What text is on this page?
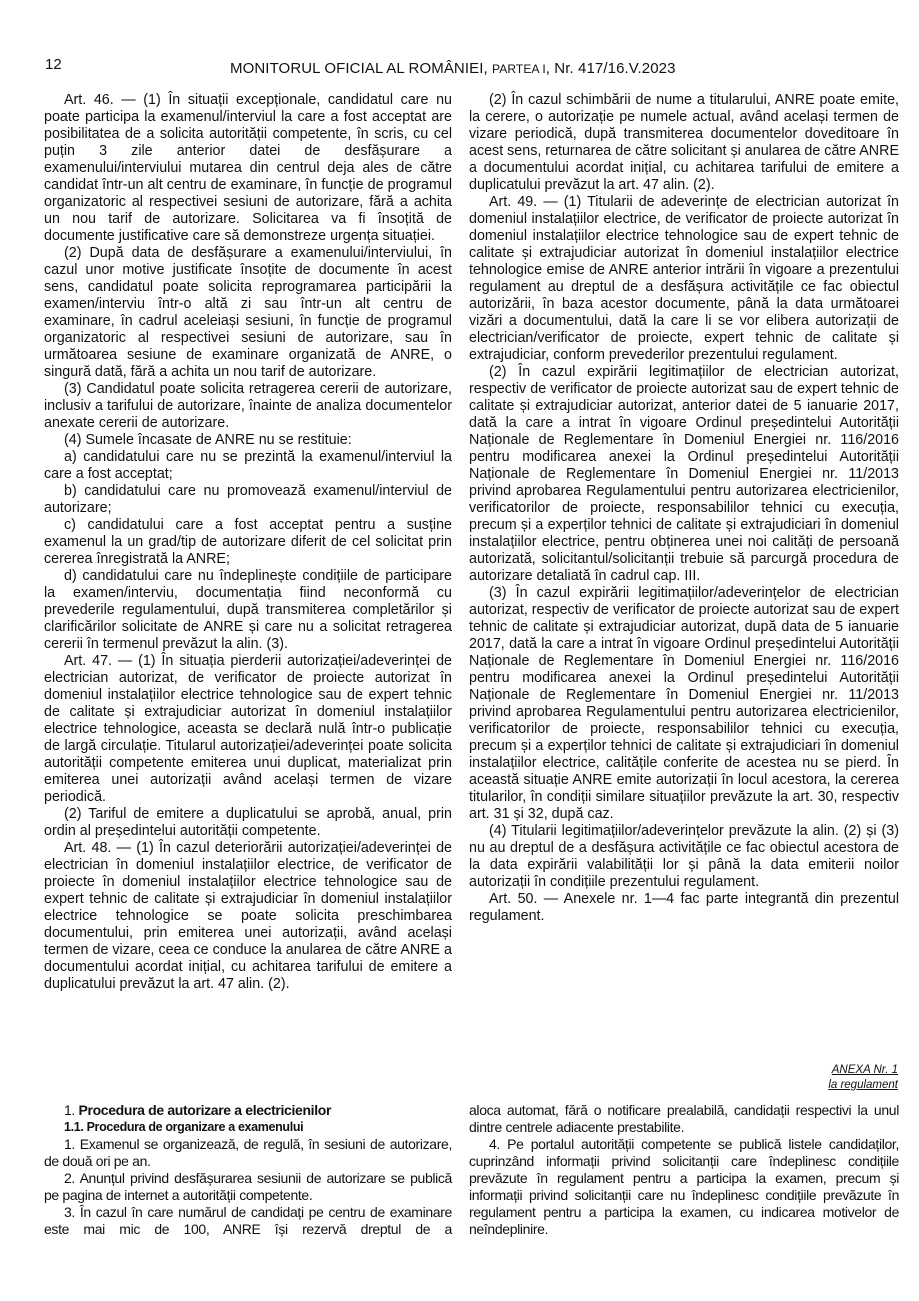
12	MONITORUL OFICIAL AL ROMÂNIEI, PARTEA I, Nr. 417/16.V.2023

Art. 46. — (1) În situații excepționale, candidatul care nu poate participa la examenul/interviul la care a fost acceptat are posibilitatea de a solicita autorității competente, în scris, cu cel puțin 3 zile anterior datei de desfășurare a examenului/interviului mutarea din centrul deja ales de către candidat într-un alt centru de examinare, în funcție de programul organizatoric al respectivei sesiuni de autorizare, fără a achita un nou tarif de autorizare. Solicitarea va fi însoțită de documente justificative care să demonstreze urgența situației.

(2) După data de desfășurare a examenului/interviului, în cazul unor motive justificate însoțite de documente în acest sens, candidatul poate solicita reprogramarea participării la examen/interviu într-o altă zi sau într-un alt centru de examinare, în cadrul aceleiași sesiuni, în funcție de programul organizatoric al respectivei sesiuni de autorizare, sau în următoarea sesiune de examinare organizată de ANRE, o singură dată, fără a achita un nou tarif de autorizare.

(3) Candidatul poate solicita retragerea cererii de autorizare, inclusiv a tarifului de autorizare, înainte de analiza documentelor anexate cererii de autorizare.

(4) Sumele încasate de ANRE nu se restituie:

a) candidatului care nu se prezintă la examenul/interviul la care a fost acceptat;

b) candidatului care nu promovează examenul/interviul de autorizare;

c) candidatului care a fost acceptat pentru a susține examenul la un grad/tip de autorizare diferit de cel solicitat prin cererea înregistrată la ANRE;

d) candidatului care nu îndeplinește condițiile de participare la examen/interviu, documentația fiind neconformă cu prevederile regulamentului, după transmiterea completărilor și clarificărilor solicitate de ANRE și care nu a solicitat retragerea cererii în termenul prevăzut la alin. (3).

Art. 47. — (1) În situația pierderii autorizației/adeverinței de electrician autorizat, de verificator de proiecte autorizat în domeniul instalațiilor electrice tehnologice sau de expert tehnic de calitate și extrajudiciar autorizat în domeniul instalațiilor electrice tehnologice, aceasta se declară nulă într-o publicație de largă circulație. Titularul autorizației/adeverinței poate solicita autorității competente emiterea unui duplicat, materializat prin emiterea unei autorizații având același termen de vizare periodică.

(2) Tariful de emitere a duplicatului se aprobă, anual, prin ordin al președintelui autorității competente.

Art. 48. — (1) În cazul deteriorării autorizației/adeverinței de electrician în domeniul instalațiilor electrice, de verificator de proiecte în domeniul instalațiilor electrice tehnologice sau de expert tehnic de calitate și extrajudiciar în domeniul instalațiilor electrice tehnologice se poate solicita preschimbarea documentului, prin emiterea unei autorizații, având același termen de vizare, ceea ce conduce la anularea de către ANRE a documentului acordat inițial, cu achitarea tarifului de emitere a duplicatului prevăzut la art. 47 alin. (2).

(2) În cazul schimbării de nume a titularului, ANRE poate emite, la cerere, o autorizație pe numele actual, având același termen de vizare periodică, după transmiterea documentelor doveditoare în acest sens, returnarea de către solicitant și anularea de către ANRE a documentului acordat inițial, cu achitarea tarifului de emitere a duplicatului prevăzut la art. 47 alin. (2).

Art. 49. — (1) Titularii de adeverințe de electrician autorizat în domeniul instalațiilor electrice, de verificator de proiecte autorizat în domeniul instalațiilor electrice tehnologice sau de expert tehnic de calitate și extrajudiciar autorizat în domeniul instalațiilor electrice tehnologice emise de ANRE anterior intrării în vigoare a prezentului regulament au dreptul de a desfășura activitățile ce fac obiectul autorizării, în baza acestor documente, până la data următoarei vizări a documentului, dată la care li se vor elibera autorizații de electrician/verificator de proiecte, expert tehnic de calitate și extrajudiciar, conform prevederilor prezentului regulament.

(2) În cazul expirării legitimațiilor de electrician autorizat, respectiv de verificator de proiecte autorizat sau de expert tehnic de calitate și extrajudiciar autorizat, anterior datei de 5 ianuarie 2017, dată la care a intrat în vigoare Ordinul președintelui Autorității Naționale de Reglementare în Domeniul Energiei nr. 116/2016 pentru modificarea anexei la Ordinul președintelui Autorității Naționale de Reglementare în Domeniul Energiei nr. 11/2013 privind aprobarea Regulamentului pentru autorizarea electricienilor, verificatorilor de proiecte, responsabililor tehnici cu execuția, precum și a experților tehnici de calitate și extrajudiciari în domeniul instalațiilor electrice, pentru obținerea unei noi calități de persoană autorizată, solicitantul/solicitanții trebuie să parcurgă procedura de autorizare detaliată în cadrul cap. III.

(3) În cazul expirării legitimațiilor/adeverințelor de electrician autorizat, respectiv de verificator de proiecte autorizat sau de expert tehnic de calitate și extrajudiciar autorizat, după data de 5 ianuarie 2017, dată la care a intrat în vigoare Ordinul președintelui Autorității Naționale de Reglementare în Domeniul Energiei nr. 116/2016 pentru modificarea anexei la Ordinul președintelui Autorității Naționale de Reglementare în Domeniul Energiei nr. 11/2013 privind aprobarea Regulamentului pentru autorizarea electricienilor, verificatorilor de proiecte, responsabililor tehnici cu execuția, precum și a experților tehnici de calitate și extrajudiciari în domeniul instalațiilor electrice, calitățile conferite de acestea nu se pierd. În această situație ANRE emite autorizații în locul acestora, la cererea titularilor, în condiții similare situațiilor prevăzute la art. 30, respectiv art. 31 și 32, după caz.

(4) Titularii legitimațiilor/adeverințelor prevăzute la alin. (2) și (3) nu au dreptul de a desfășura activitățile ce fac obiectul acestora de la data expirării valabilității lor și până la data emiterii noilor autorizații în condițiile prezentului regulament.

Art. 50. — Anexele nr. 1—4 fac parte integrantă din prezentul regulament.

ANEXA Nr. 1
la regulament

1. Procedura de autorizare a electricienilor

1.1. Procedura de organizare a examenului

1. Examenul se organizează, de regulă, în sesiuni de autorizare, de două ori pe an.

2. Anunțul privind desfășurarea sesiunii de autorizare se publică pe pagina de internet a autorității competente.

3. În cazul în care numărul de candidați pe centru de examinare este mai mic de 100, ANRE își rezervă dreptul de a

aloca automat, fără o notificare prealabilă, candidații respectivi la unul dintre centrele adiacente prestabilite.

4. Pe portalul autorității competente se publică listele candidaților, cuprinzând informații privind solicitanții care îndeplinesc condițiile prevăzute în regulament pentru a participa la examen, precum și informații privind solicitanții care nu îndeplinesc condițiile prevăzute în regulament pentru a participa la examen, cu indicarea motivelor de neîndeplinire.
